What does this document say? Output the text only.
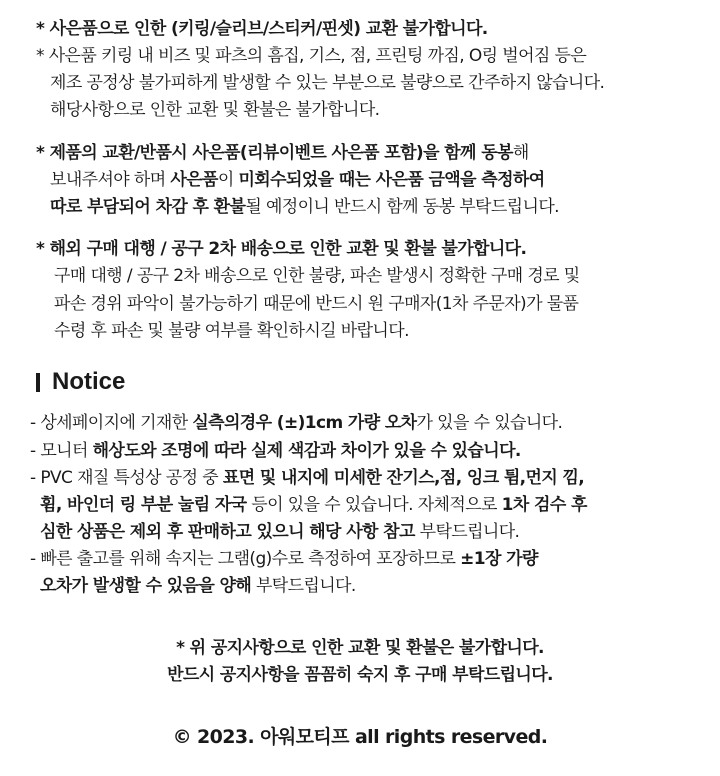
* 사은품으로 인한 (키링/슬리브/스티커/핀셋) 교환 불가합니다.
* 사은품 키링 내 비즈 및 파츠의 흠집, 기스, 점, 프린팅 까짐, O링 벌어짐 등은
제조 공정상 불가피하게 발생할 수 있는 부분으로 불량으로 간주하지 않습니다.
해당사항으로 인한 교환 및 환불은 불가합니다.
* 제품의 교환/반품시 사은품(리뷰이벤트 사은품 포함)을 함께 동봉해
보내주셔야 하며 사은품이 미회수되었을 때는 사은품 금액을 측정하여
따로 부담되어 차감 후 환불될 예정이니 반드시 함께 동봉 부탁드립니다.
* 해외 구매 대행 / 공구 2차 배송으로 인한 교환 및 환불 불가합니다.
구매 대행 / 공구 2차 배송으로 인한 불량, 파손 발생시 정확한 구매 경로 및
파손 경위 파악이 불가능하기 때문에 반드시 원 구매자(1차 주문자)가 물품
수령 후 파손 및 불량 여부를 확인하시길 바랍니다.
Notice
- 상세페이지에 기재한 실측의경우 (±)1cm 가량 오차가 있을 수 있습니다.
- 모니터 해상도와 조명에 따라 실제 색감과 차이가 있을 수 있습니다.
- PVC 재질 특성상 공정 중 표면 및 내지에 미세한 잔기스,점, 잉크 튐,먼지 낌,
휨, 바인더 링 부분 눌림 자국 등이 있을 수 있습니다. 자체적으로 1차 검수 후
심한 상품은 제외 후 판매하고 있으니 해당 사항 참고 부탁드립니다.
- 빠른 출고를 위해 속지는 그램(g)수로 측정하여 포장하므로 ±1장 가량
오차가 발생할 수 있음을 양해 부탁드립니다.
* 위 공지사항으로 인한 교환 및 환불은 불가합니다.
반드시 공지사항을 꼼꼼히 숙지 후 구매 부탁드립니다.
© 2023. 아워모티프 all rights reserved.
